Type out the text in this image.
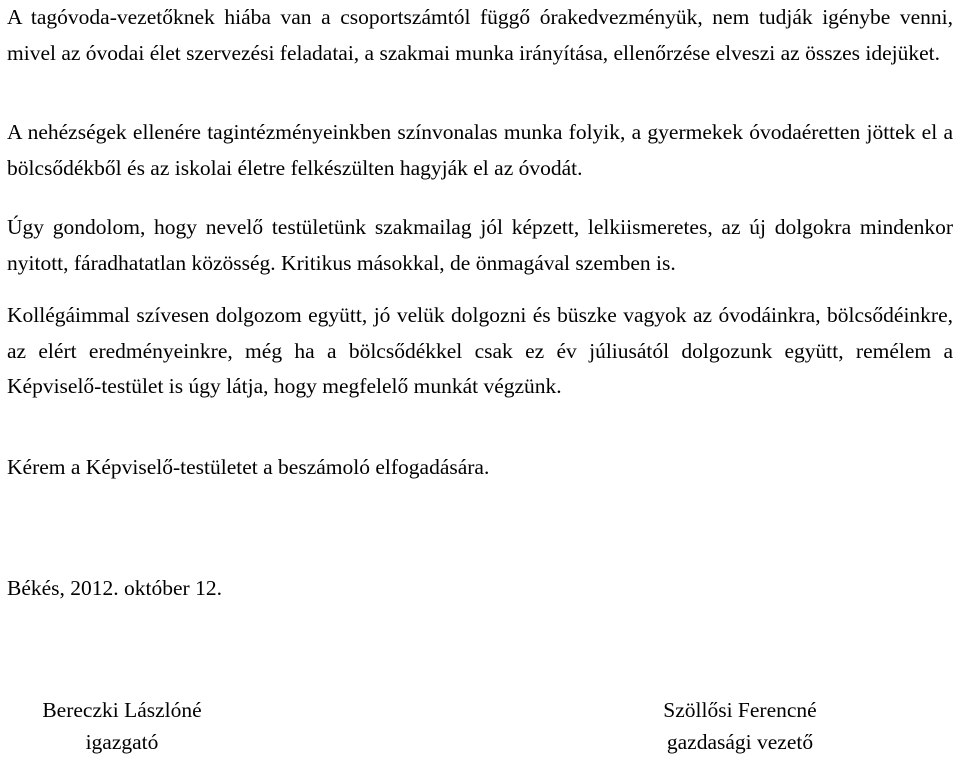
A tagóvoda-vezetőknek hiába van a csoportszámtól függő órakedvezményük, nem tudják igénybe venni, mivel az óvodai élet szervezési feladatai, a szakmai munka irányítása, ellenőrzése elveszi az összes idejüket.

A nehézségek ellenére tagintézményeinkben színvonalas munka folyik, a gyermekek óvodaéretten jöttek el a bölcsődékből és az iskolai életre felkészülten hagyják el az óvodát.

Úgy gondolom, hogy nevelő testületünk szakmailag jól képzett, lelkiismeretes, az új dolgokra mindenkor nyitott, fáradhatatlan közösség. Kritikus másokkal, de önmagával szemben is.

Kollégáimmal szívesen dolgozom együtt, jó velük dolgozni és büszke vagyok az óvodáinkra, bölcsődéinkre, az elért eredményeinkre, még ha a bölcsődékkel csak ez év júliusától dolgozunk együtt, remélem a Képviselő-testület is úgy látja, hogy megfelelő munkát végzünk.

Kérem a Képviselő-testületet a beszámoló elfogadására.
Békés, 2012. október 12.
Bereczki Lászlóné
igazgató
Szöllősi Ferencné
gazdasági vezető
